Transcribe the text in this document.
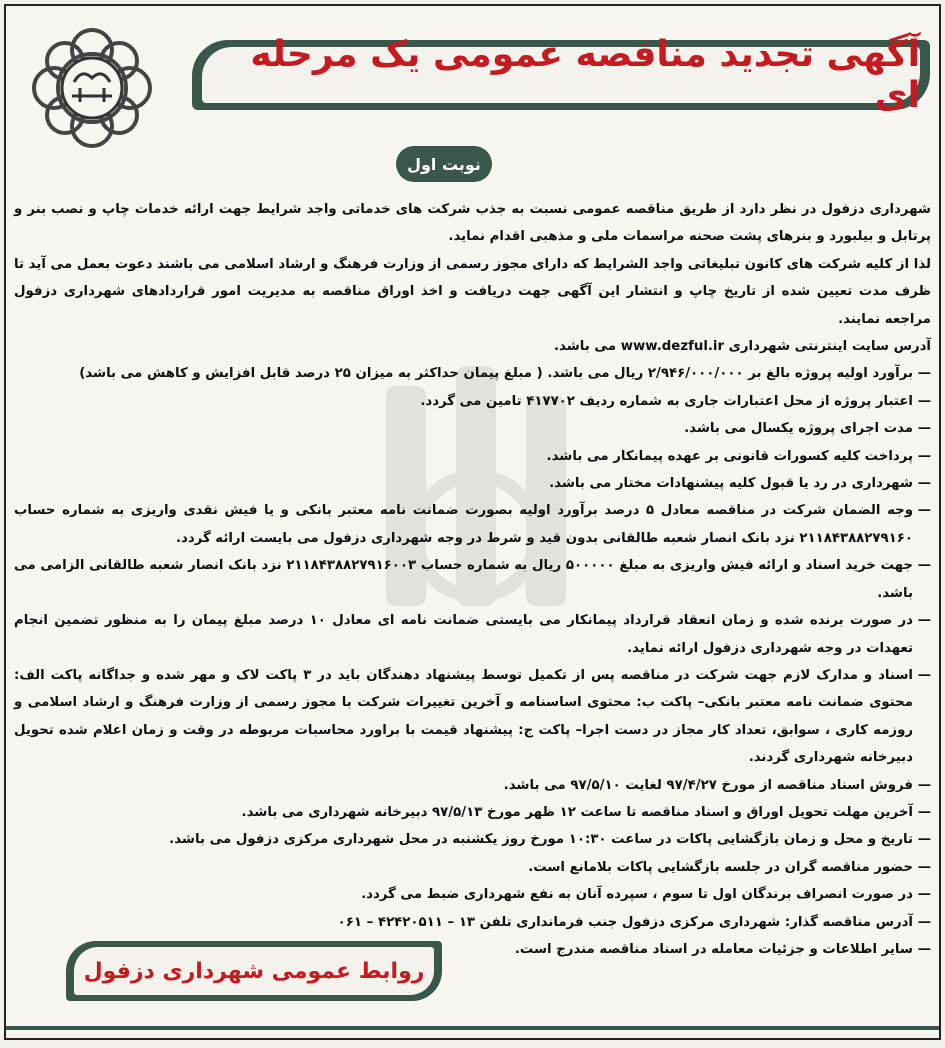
آگهی تجدید مناقصه عمومی یک مرحله ای
نوبت اول

شهرداری دزفول در نظر دارد از طریق مناقصه عمومی نسبت به جذب شرکت های خدماتی واجد شرایط جهت ارائه خدمات چاپ و نصب بنر و پرتابل و بیلبورد و بنرهای پشت صحنه مراسمات ملی و مذهبی اقدام نماید.

لذا از کلیه شرکت های کانون تبلیغاتی واجد الشرایط که دارای مجوز رسمی از وزارت فرهنگ و ارشاد اسلامی می باشند دعوت بعمل می آید تا ظرف مدت تعیین شده از تاریخ چاپ و انتشار این آگهی جهت دریافت و اخذ اوراق مناقصه به مدیریت امور قراردادهای شهرداری دزفول مراجعه نمایند.

آدرس سایت اینترنتی شهرداری www.dezful.ir می باشد.

— برآورد اولیه پروژه بالغ بر ۲/۹۴۶/۰۰۰/۰۰۰ ریال می باشد. ( مبلغ پیمان حداکثر به میزان ۲۵ درصد قابل افزایش و کاهش می باشد)
— اعتبار پروژه از محل اعتبارات جاری به شماره ردیف ۴۱۷۷۰۲ تامین می گردد.
— مدت اجرای پروژه یکسال می باشد.
— پرداخت کلیه کسورات قانونی بر عهده پیمانکار می باشد.
— شهرداری در رد یا قبول کلیه پیشنهادات مختار می باشد.
— وجه الضمان شرکت در مناقصه معادل ۵ درصد برآورد اولیه بصورت ضمانت نامه معتبر بانکی و یا فیش نقدی واریزی به شماره حساب ۲۱۱۸۴۳۸۸۲۷۹۱۶۰ نزد بانک انصار شعبه طالقانی بدون قید و شرط در وجه شهرداری دزفول می بایست ارائه گردد.
— جهت خرید اسناد و ارائه فیش واریزی به مبلغ ۵۰۰۰۰۰ ریال به شماره حساب ۲۱۱۸۴۳۸۸۲۷۹۱۶۰۰۳ نزد بانک انصار شعبه طالقانی الزامی می باشد.
— در صورت برنده شده و زمان انعقاد قرارداد پیمانکار می بایستی ضمانت نامه ای معادل ۱۰ درصد مبلغ پیمان را به منظور تضمین انجام تعهدات در وجه شهرداری دزفول ارائه نماید.
— اسناد و مدارک لازم جهت شرکت در مناقصه پس از تکمیل توسط پیشنهاد دهندگان باید در ۳ پاکت لاک و مهر شده و جداگانه پاکت الف: محتوی ضمانت نامه معتبر بانکی– پاکت ب: محتوی اساسنامه و آخرین تغییرات شرکت با مجوز رسمی از وزارت فرهنگ و ارشاد اسلامی و روزمه کاری ، سوابق، تعداد کار مجاز در دست اجرا– پاکت ج: پیشنهاد قیمت با براورد محاسبات مربوطه در وقت و زمان اعلام شده تحویل دبیرخانه شهرداری گردند.
— فروش اسناد مناقصه از مورخ ۹۷/۴/۲۷ لغایت ۹۷/۵/۱۰ می باشد.
— آخرین مهلت تحویل اوراق و اسناد مناقصه تا ساعت ۱۲ ظهر مورخ ۹۷/۵/۱۳ دبیرخانه شهرداری می باشد.
— تاریخ و محل و زمان بازگشایی پاکات در ساعت ۱۰:۳۰ مورخ روز یکشنبه در محل شهرداری مرکزی دزفول می باشد.
— حضور مناقصه گران در جلسه بازگشایی پاکات بلامانع است.
— در صورت انصراف برندگان اول تا سوم ، سپرده آنان به نفع شهرداری ضبط می گردد.
— آدرس مناقصه گذار: شهرداری مرکزی دزفول جنب فرمانداری تلفن ۱۳ – ۴۲۴۲۰۵۱۱ – ۰۶۱
— سایر اطلاعات و جزئیات معامله در اسناد مناقصه مندرج است.
روابط عمومی شهرداری دزفول
